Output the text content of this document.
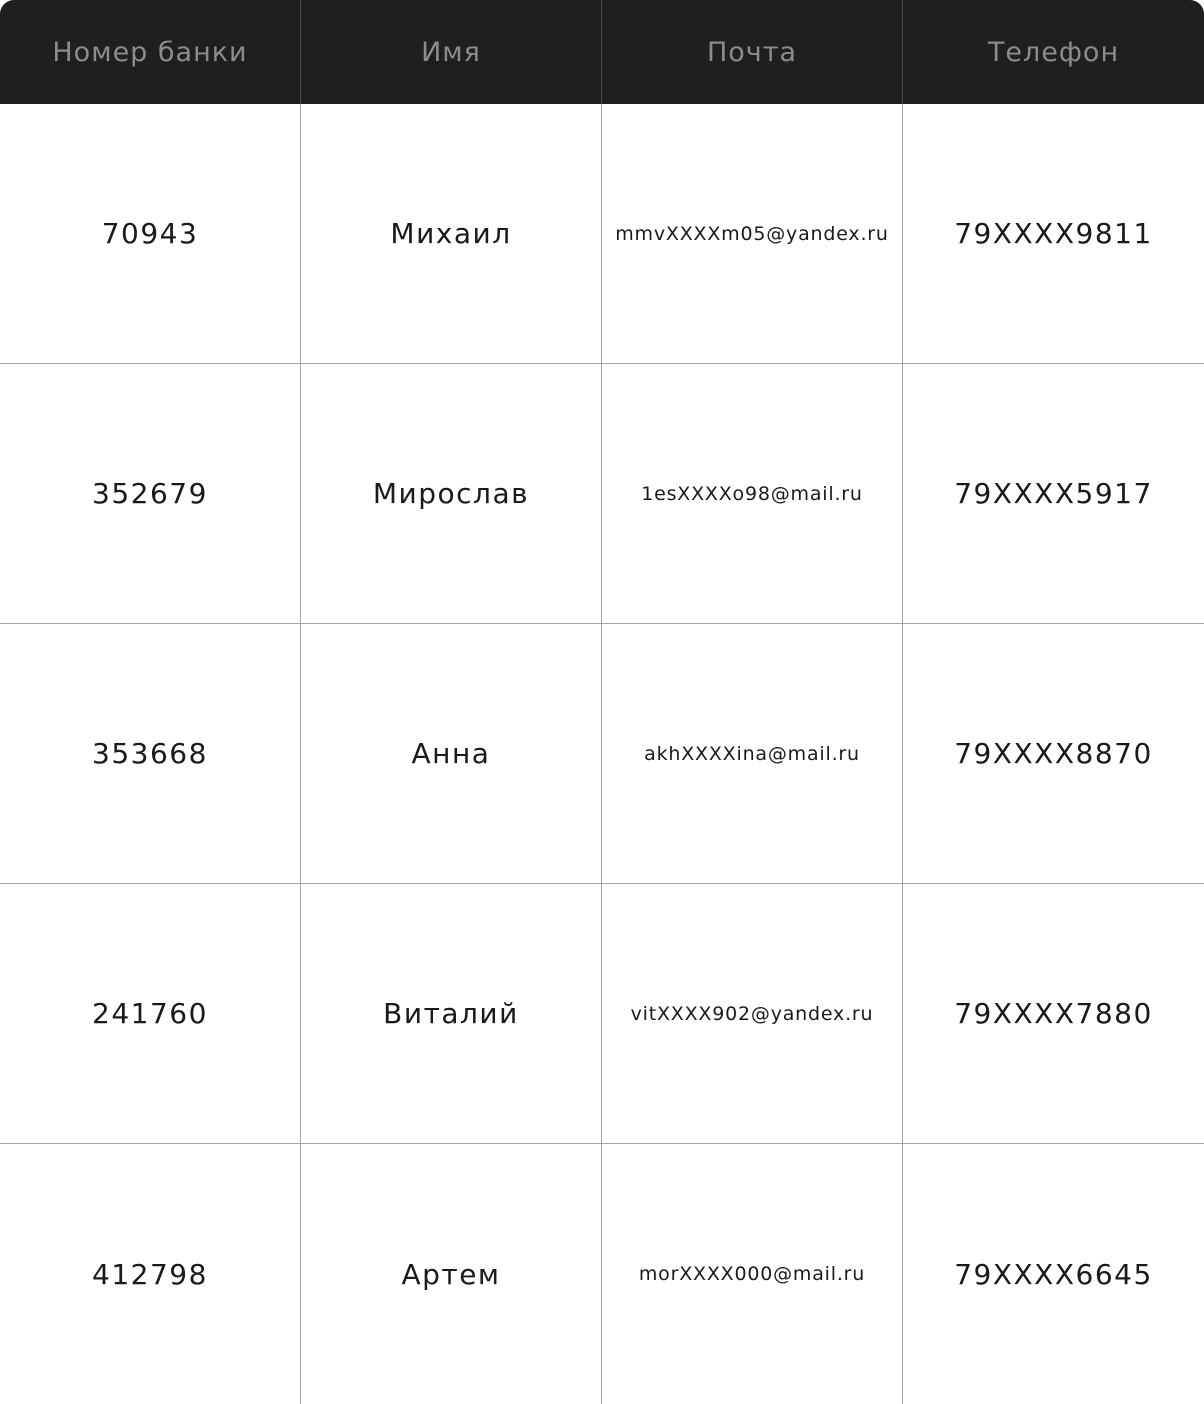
Номер банки	Имя	Почта	Телефон
70943	Михаил	mmvXXXXm05@yandex.ru	79XXXX9811
352679	Мирослав	1esXXXXo98@mail.ru	79XXXX5917
353668	Анна	akhXXXXina@mail.ru	79XXXX8870
241760	Виталий	vitXXXX902@yandex.ru	79XXXX7880
412798	Артем	morXXXX000@mail.ru	79XXXX6645
